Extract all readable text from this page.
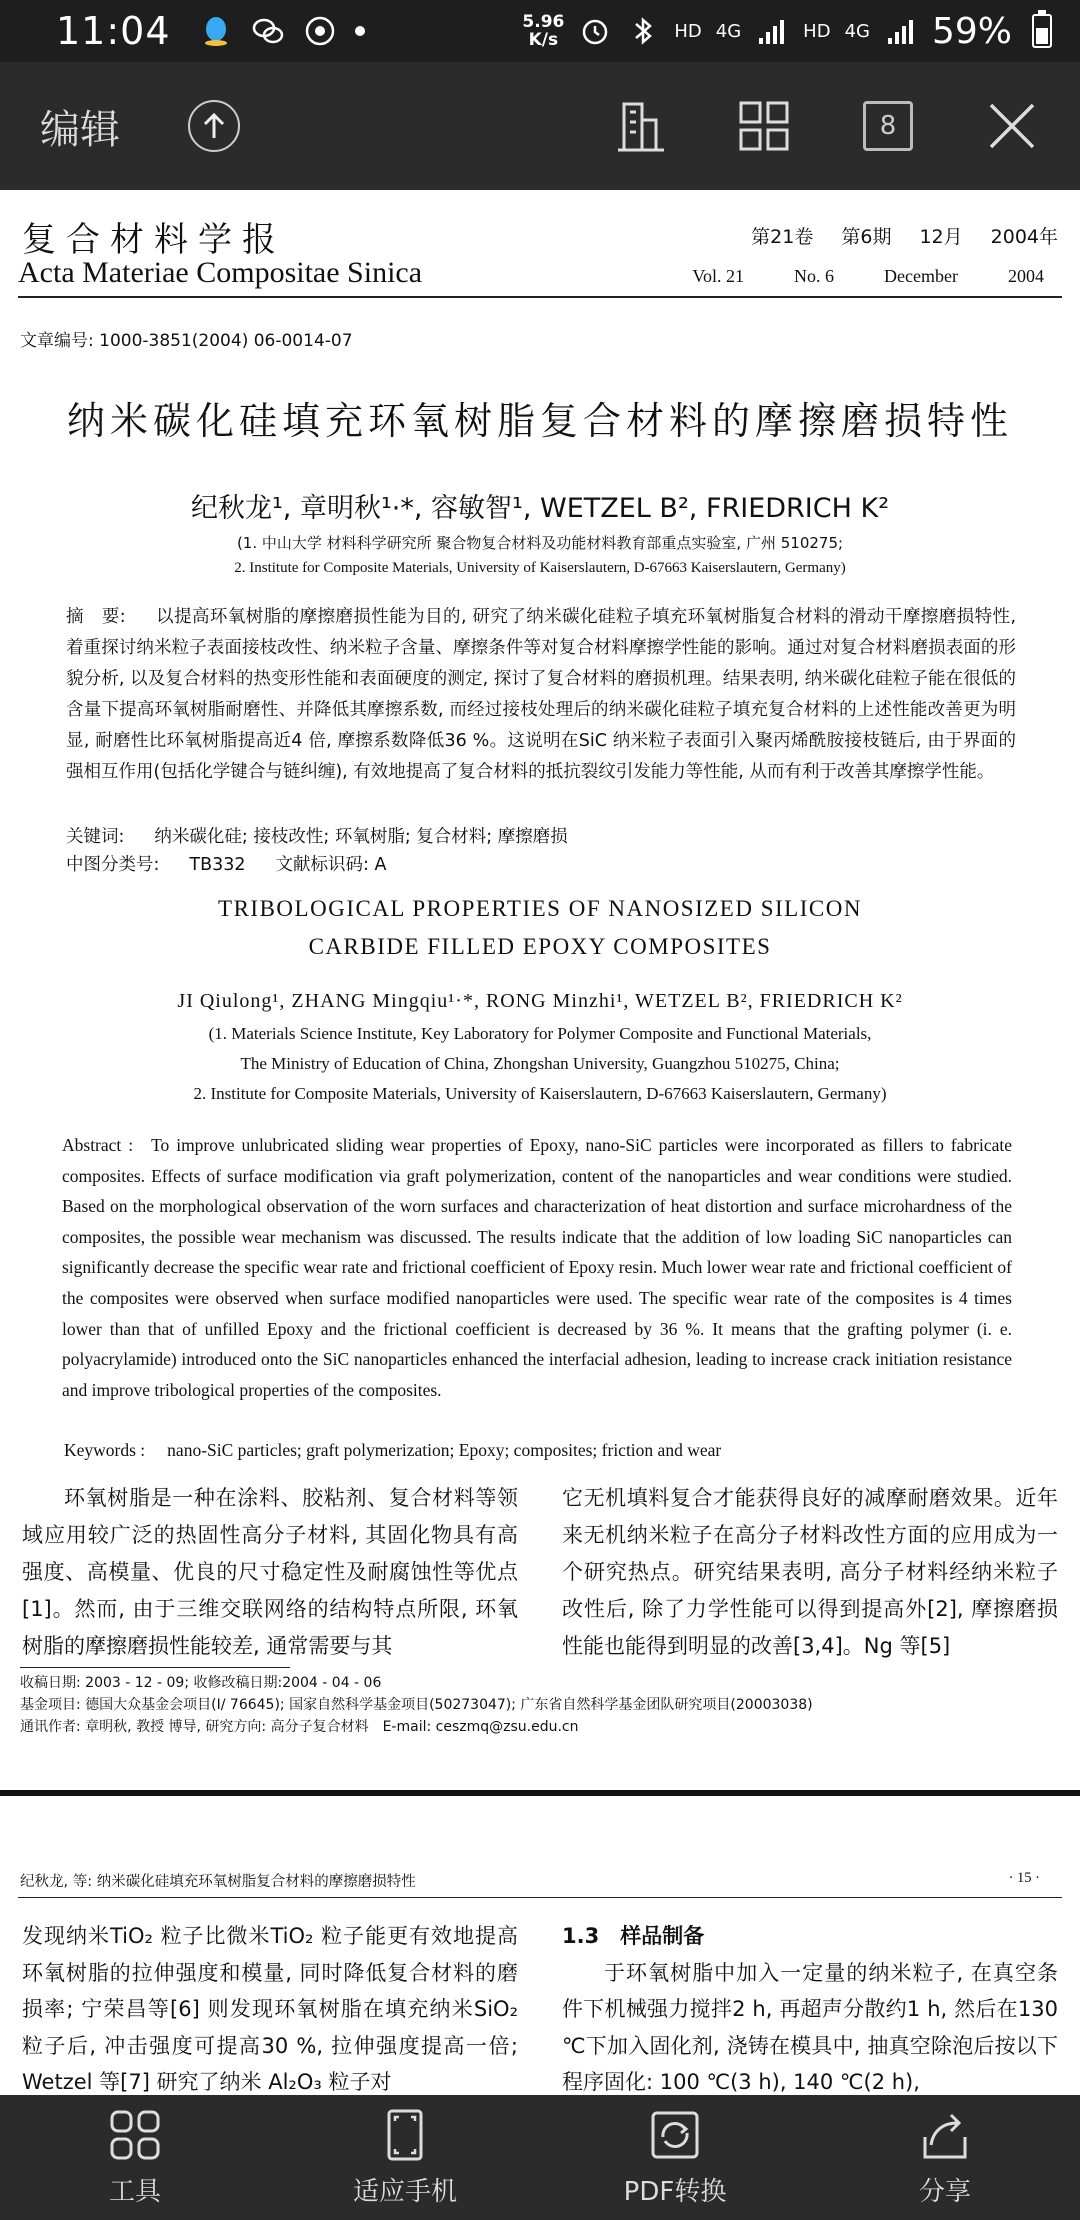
11:04	5.96
K/s	HD 4G	HD 4G 59%
编辑	8
复合材料学报
Acta Materiae Compositae Sinica
第21卷 第6期 12月 2004年
Vol. 21	No. 6	December	2004
文章编号: 1000-3851(2004) 06-0014-07
纳米碳化硅填充环氧树脂复合材料的摩擦磨损特性
纪秋龙¹, 章明秋¹·*, 容敏智¹, WETZEL B², FRIEDRICH K²
(1. 中山大学 材料科学研究所 聚合物复合材料及功能材料教育部重点实验室, 广州 510275;
2. Institute for Composite Materials, University of Kaiserslautern, D-67663 Kaiserslautern, Germany)
摘　要: 以提高环氧树脂的摩擦磨损性能为目的, 研究了纳米碳化硅粒子填充环氧树脂复合材料的滑动干摩擦磨损特性, 着重探讨纳米粒子表面接枝改性、纳米粒子含量、摩擦条件等对复合材料摩擦学性能的影响。通过对复合材料磨损表面的形貌分析, 以及复合材料的热变形性能和表面硬度的测定, 探讨了复合材料的磨损机理。结果表明, 纳米碳化硅粒子能在很低的含量下提高环氧树脂耐磨性、并降低其摩擦系数, 而经过接枝处理后的纳米碳化硅粒子填充复合材料的上述性能改善更为明显, 耐磨性比环氧树脂提高近4 倍, 摩擦系数降低36 %。这说明在SiC 纳米粒子表面引入聚丙烯酰胺接枝链后, 由于界面的强相互作用(包括化学键合与链纠缠), 有效地提高了复合材料的抵抗裂纹引发能力等性能, 从而有利于改善其摩擦学性能。
关键词: 纳米碳化硅; 接枝改性; 环氧树脂; 复合材料; 摩擦磨损
中图分类号: TB332 文献标识码: A
TRIBOLOGICAL PROPERTIES OF NANOSIZED SILICON
CARBIDE FILLED EPOXY COMPOSITES
JI Qiulong¹, ZHANG Mingqiu¹·*, RONG Minzhi¹, WETZEL B², FRIEDRICH K²
(1. Materials Science Institute, Key Laboratory for Polymer Composite and Functional Materials,
The Ministry of Education of China, Zhongshan University, Guangzhou 510275, China;
2. Institute for Composite Materials, University of Kaiserslautern, D-67663 Kaiserslautern, Germany)
Abstract : To improve unlubricated sliding wear properties of Epoxy, nano-SiC particles were incorporated as fillers to fabricate composites. Effects of surface modification via graft polymerization, content of the nanoparticles and wear conditions were studied. Based on the morphological observation of the worn surfaces and characterization of heat distortion and surface microhardness of the composites, the possible wear mechanism was discussed. The results indicate that the addition of low loading SiC nanoparticles can significantly decrease the specific wear rate and frictional coefficient of Epoxy resin. Much lower wear rate and frictional coefficient of the composites were observed when surface modified nanoparticles were used. The specific wear rate of the composites is 4 times lower than that of unfilled Epoxy and the frictional coefficient is decreased by 36 %. It means that the grafting polymer (i. e. polyacrylamide) introduced onto the SiC nanoparticles enhanced the interfacial adhesion, leading to increase crack initiation resistance and improve tribological properties of the composites.
Keywords : nano-SiC particles; graft polymerization; Epoxy; composites; friction and wear
环氧树脂是一种在涂料、胶粘剂、复合材料等领域应用较广泛的热固性高分子材料, 其固化物具有高强度、高模量、优良的尺寸稳定性及耐腐蚀性等优点[1]。然而, 由于三维交联网络的结构特点所限, 环氧树脂的摩擦磨损性能较差, 通常需要与其
它无机填料复合才能获得良好的减摩耐磨效果。近年来无机纳米粒子在高分子材料改性方面的应用成为一个研究热点。研究结果表明, 高分子材料经纳米粒子改性后, 除了力学性能可以得到提高外[2], 摩擦磨损性能也能得到明显的改善[3,4]。Ng 等[5]
收稿日期: 2003 - 12 - 09; 收修改稿日期:2004 - 04 - 06
基金项目: 德国大众基金会项目(I/ 76645); 国家自然科学基金项目(50273047); 广东省自然科学基金团队研究项目(20003038)
通讯作者: 章明秋, 教授 博导, 研究方向: 高分子复合材料　E-mail: ceszmq@zsu.edu.cn
纪秋龙, 等: 纳米碳化硅填充环氧树脂复合材料的摩擦磨损特性	· 15 ·
发现纳米TiO₂ 粒子比微米TiO₂ 粒子能更有效地提高环氧树脂的拉伸强度和模量, 同时降低复合材料的磨损率; 宁荣昌等[6] 则发现环氧树脂在填充纳米SiO₂ 粒子后, 冲击强度可提高30 %, 拉伸强度提高一倍; Wetzel 等[7] 研究了纳米 Al₂O₃ 粒子对
1.3　样品制备
于环氧树脂中加入一定量的纳米粒子, 在真空条件下机械强力搅拌2 h, 再超声分散约1 h, 然后在130 ℃下加入固化剂, 浇铸在模具中, 抽真空除泡后按以下程序固化: 100 ℃(3 h), 140 ℃(2 h),
工具	适应手机	PDF转换	分享
